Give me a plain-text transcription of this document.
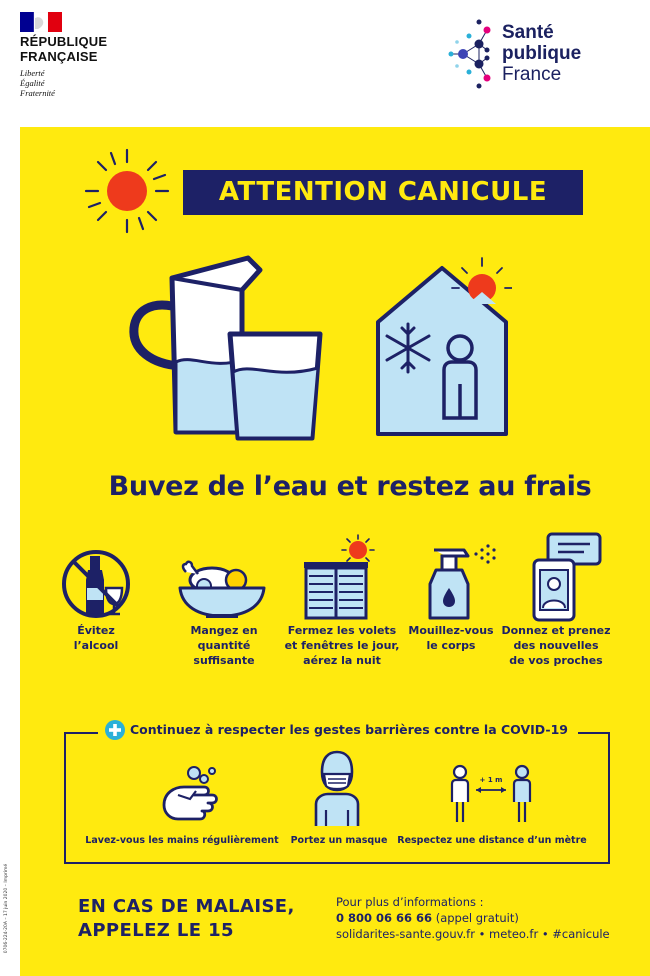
RÉPUBLIQUE
FRANÇAISE
Liberté
Égalité
Fraternité
Santé
publique
France
ATTENTION CANICULE
Buvez de l’eau et restez au frais
Évitez
l’alcool
Mangez en
quantité suffisante
Fermez les volets
et fenêtres le jour,
aérez la nuit
Mouillez-vous
le corps
Donnez et prenez
des nouvelles
de vos proches
Continuez à respecter les gestes barrières contre la COVID-19
+ 1 m
Lavez-vous les mains régulièrement	Portez un masque	Respectez une distance d’un mètre
EN CAS DE MALAISE,
APPELEZ LE 15
Pour plus d’informations :
0 800 06 66 66 (appel gratuit)
solidarites-sante.gouv.fr • meteo.fr • #canicule
0706-224-20A – 17 juin 2020 – Imprimé
